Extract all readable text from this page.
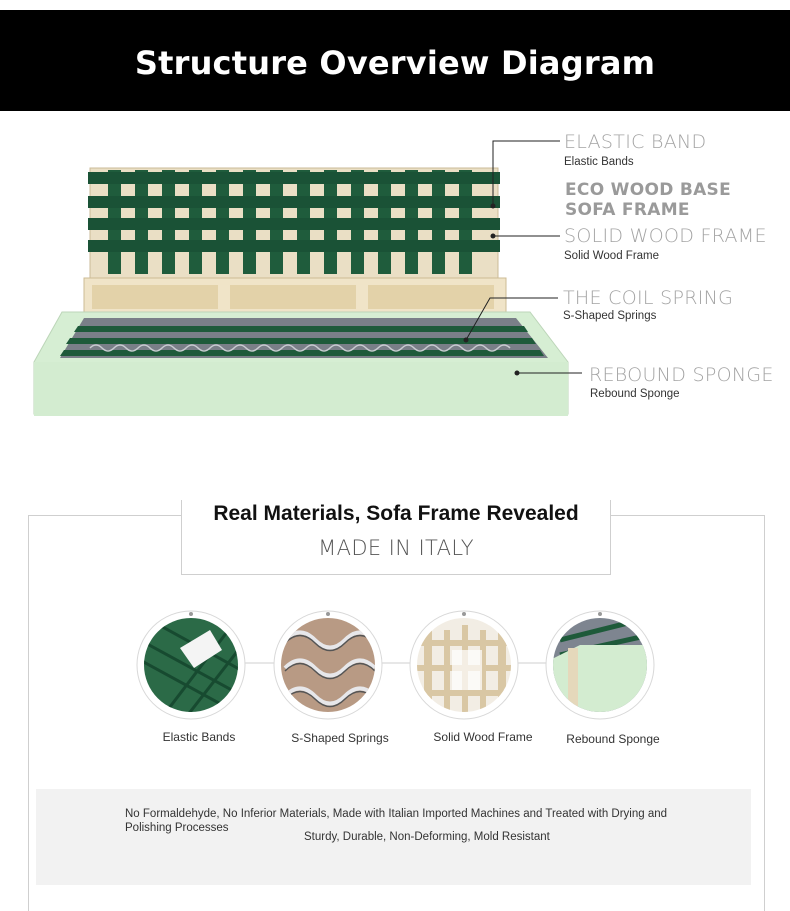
Structure Overview Diagram
ELASTIC BAND
Elastic Bands
ECO WOOD BASE
SOFA FRAME
SOLID WOOD FRAME
Solid Wood Frame
THE COIL SPRING
S-Shaped Springs
REBOUND SPONGE
Rebound Sponge
Real Materials, Sofa Frame Revealed
MADE IN ITALY
Elastic Bands	S-Shaped Springs	Solid Wood Frame	Rebound Sponge
No Formaldehyde, No Inferior Materials, Made with Italian Imported Machines and Treated with Drying and Polishing Processes
Sturdy, Durable, Non-Deforming, Mold Resistant
